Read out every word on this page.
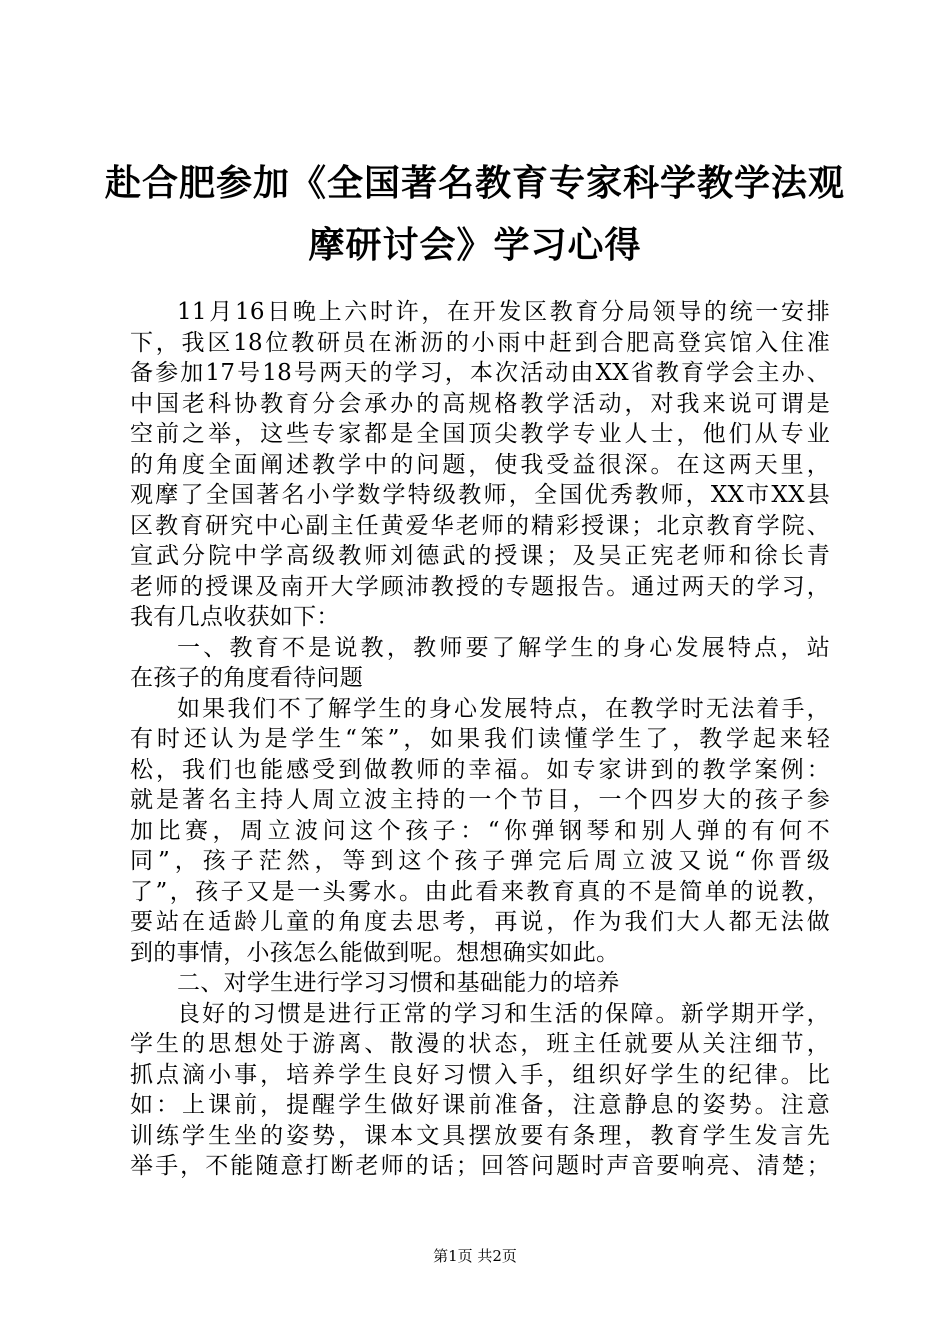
赴合肥参加《全国著名教育专家科学教学法观
摩研讨会》学习心得
11月16日晚上六时许，在开发区教育分局领导的统一安排
下，我区18位教研员在淅沥的小雨中赶到合肥高登宾馆入住准
备参加17号18号两天的学习，本次活动由XX省教育学会主办、
中国老科协教育分会承办的高规格教学活动，对我来说可谓是
空前之举，这些专家都是全国顶尖教学专业人士，他们从专业
的角度全面阐述教学中的问题，使我受益很深。在这两天里，
观摩了全国著名小学数学特级教师，全国优秀教师，XX市XX县
区教育研究中心副主任黄爱华老师的精彩授课；北京教育学院、
宣武分院中学高级教师刘德武的授课；及吴正宪老师和徐长青
老师的授课及南开大学顾沛教授的专题报告。通过两天的学习，
我有几点收获如下：
一、教育不是说教，教师要了解学生的身心发展特点，站
在孩子的角度看待问题
如果我们不了解学生的身心发展特点，在教学时无法着手，
有时还认为是学生“笨”，如果我们读懂学生了，教学起来轻
松，我们也能感受到做教师的幸福。如专家讲到的教学案例：
就是著名主持人周立波主持的一个节目，一个四岁大的孩子参
加比赛，周立波问这个孩子：“你弹钢琴和别人弹的有何不
同”，孩子茫然，等到这个孩子弹完后周立波又说“你晋级
了”，孩子又是一头雾水。由此看来教育真的不是简单的说教，
要站在适龄儿童的角度去思考，再说，作为我们大人都无法做
到的事情，小孩怎么能做到呢。想想确实如此。
二、对学生进行学习习惯和基础能力的培养
良好的习惯是进行正常的学习和生活的保障。新学期开学，
学生的思想处于游离、散漫的状态，班主任就要从关注细节，
抓点滴小事，培养学生良好习惯入手，组织好学生的纪律。比
如：上课前，提醒学生做好课前准备，注意静息的姿势。注意
训练学生坐的姿势，课本文具摆放要有条理，教育学生发言先
举手，不能随意打断老师的话；回答问题时声音要响亮、清楚；
第1页 共2页
